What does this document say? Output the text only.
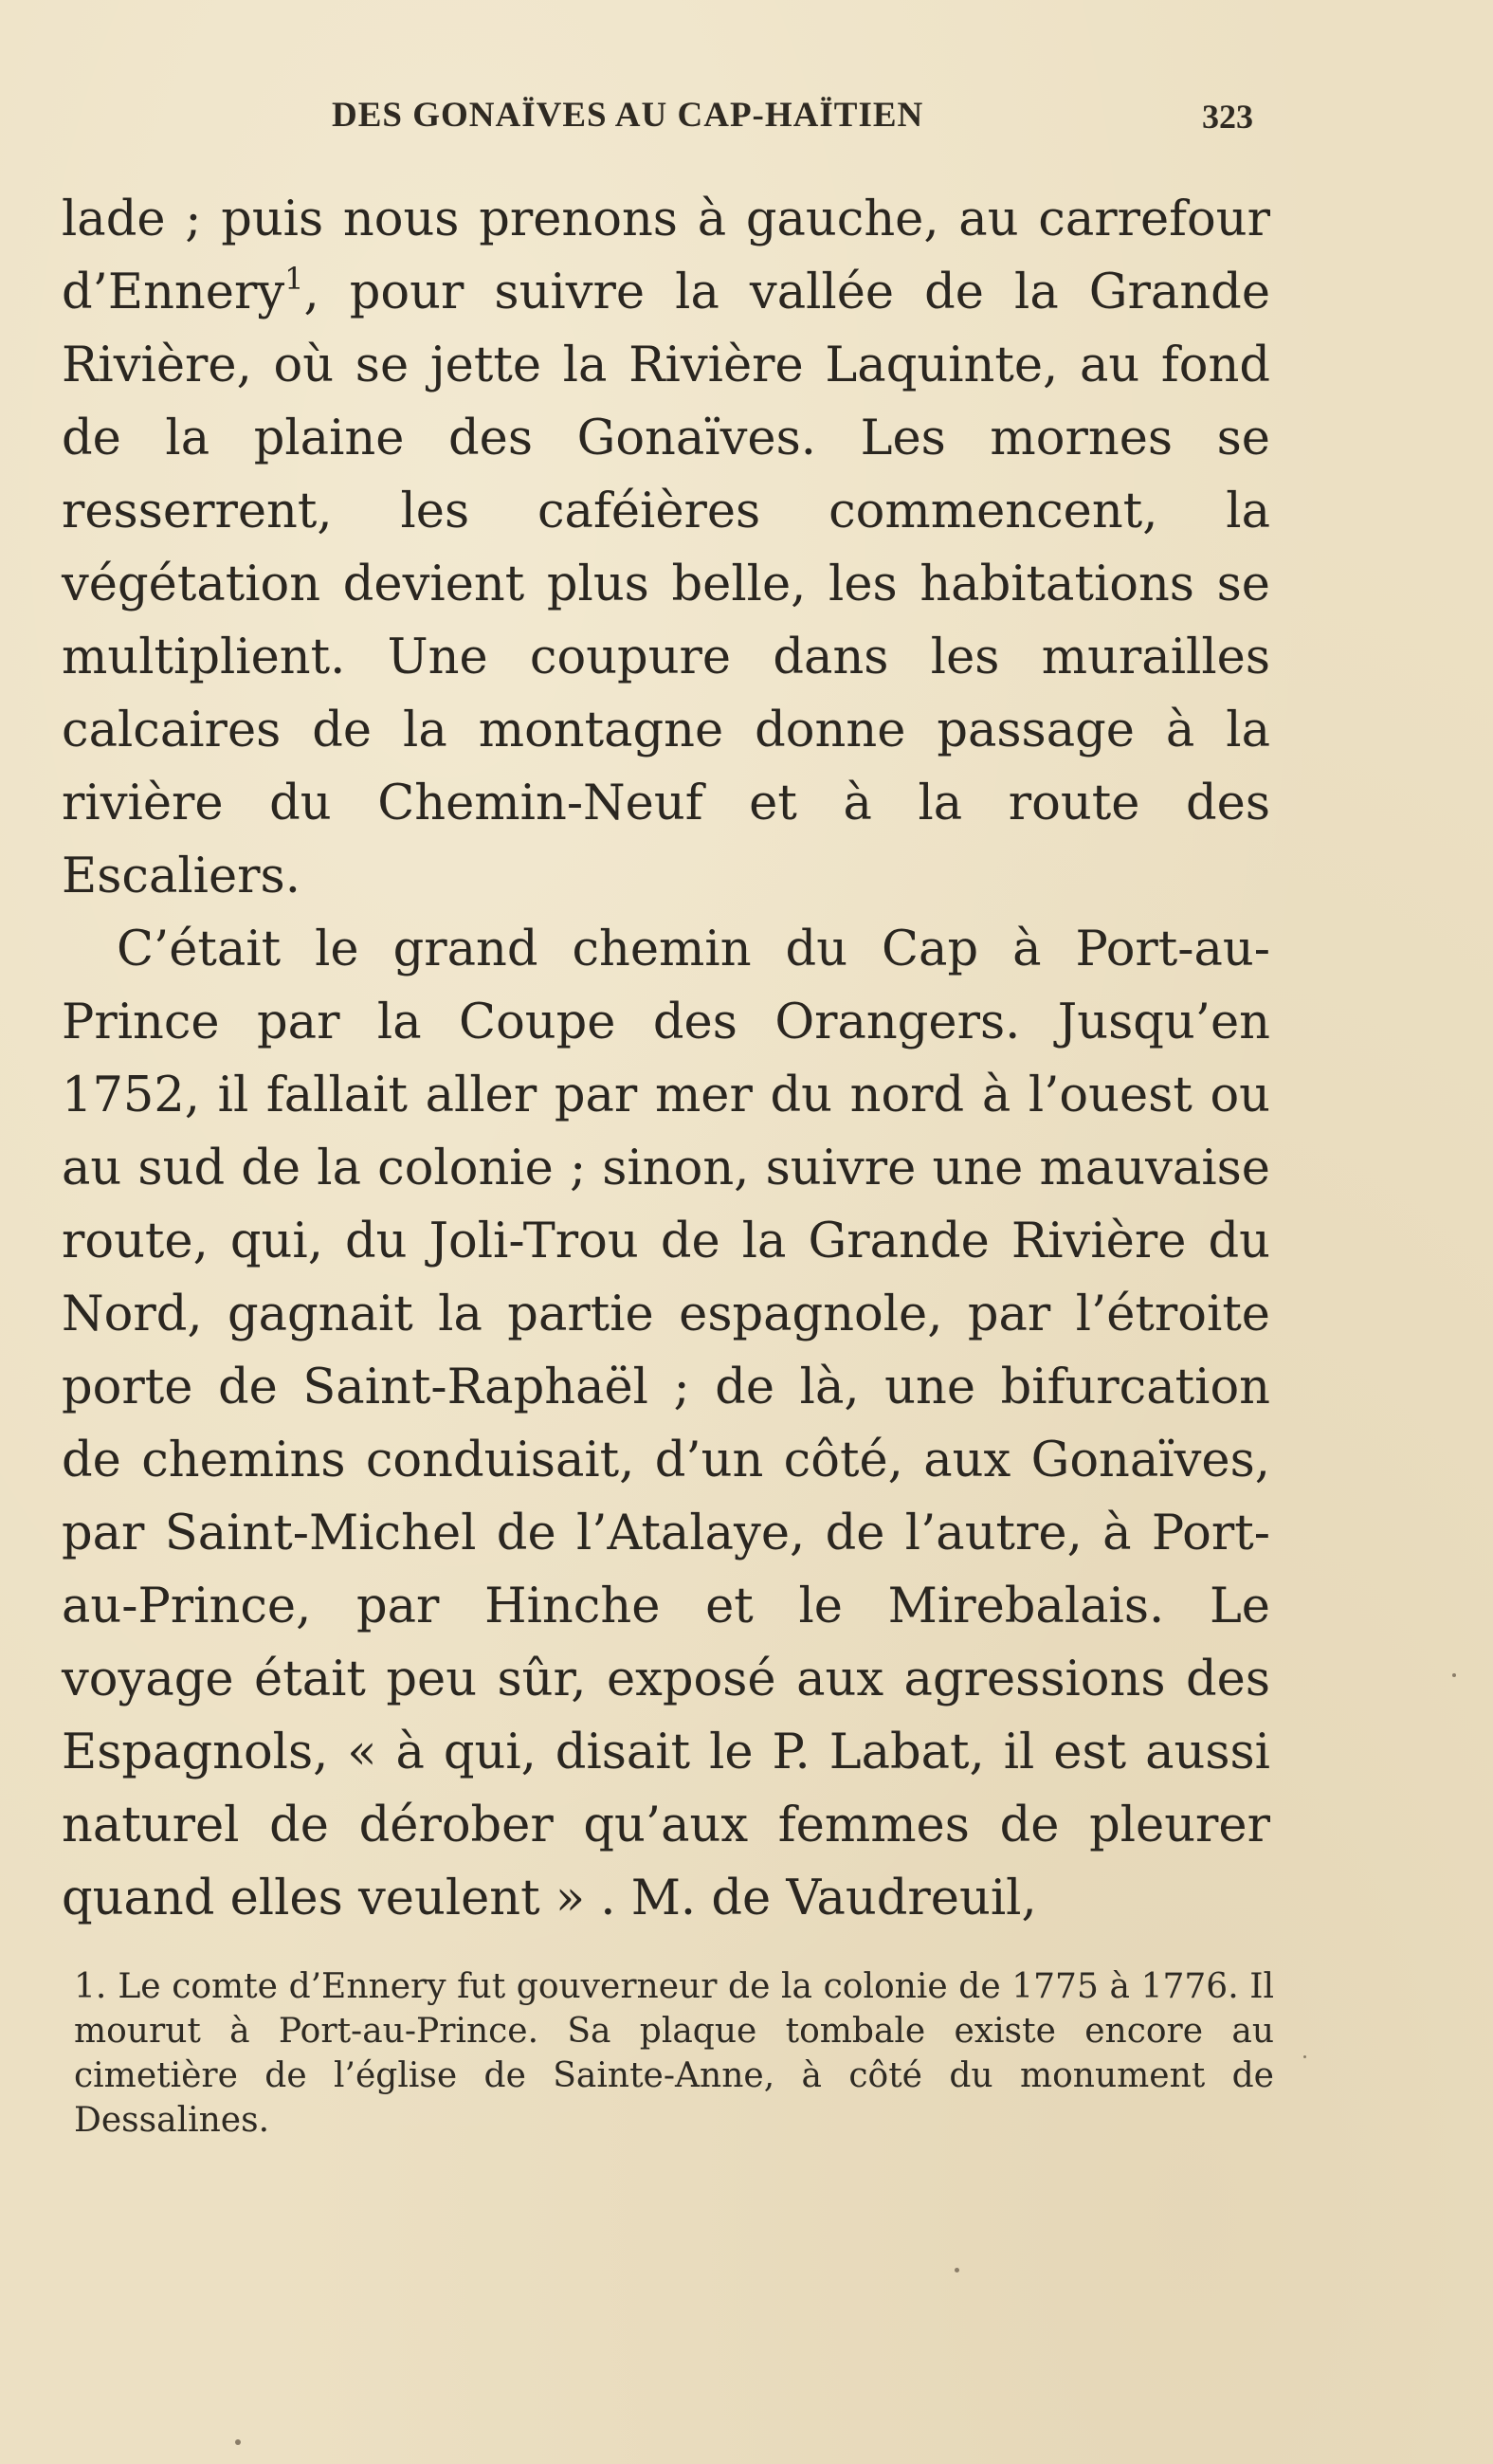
DES GONAÏVES AU CAP-HAÏTIEN	323

lade ; puis nous prenons à gauche, au carrefour d’Ennery$^1$, pour suivre la vallée de la Grande Rivière, où se jette la Rivière Laquinte, au fond de la plaine des Gonaïves. Les mornes se resserrent, les caféières commencent, la végétation devient plus belle, les habitations se multiplient. Une coupure dans les murailles calcaires de la montagne donne passage à la rivière du Chemin-Neuf et à la route des Escaliers.

C’était le grand chemin du Cap à Port-au-Prince par la Coupe des Orangers. Jusqu’en 1752, il fallait aller par mer du nord à l’ouest ou au sud de la colonie ; sinon, suivre une mauvaise route, qui, du Joli-Trou de la Grande Rivière du Nord, gagnait la partie espagnole, par l’étroite porte de Saint-Raphaël ; de là, une bifurcation de chemins conduisait, d’un côté, aux Gonaïves, par Saint-Michel de l’Atalaye, de l’autre, à Port-au-Prince, par Hinche et le Mirebalais. Le voyage était peu sûr, exposé aux agressions des Espagnols, « à qui, disait le P. Labat, il est aussi naturel de dérober qu’aux femmes de pleurer quand elles veulent » . M. de Vaudreuil,

1. Le comte d’Ennery fut gouverneur de la colonie de 1775 à 1776. Il mourut à Port-au-Prince. Sa plaque tombale existe encore au cimetière de l’église de Sainte-Anne, à côté du monument de Dessalines.
